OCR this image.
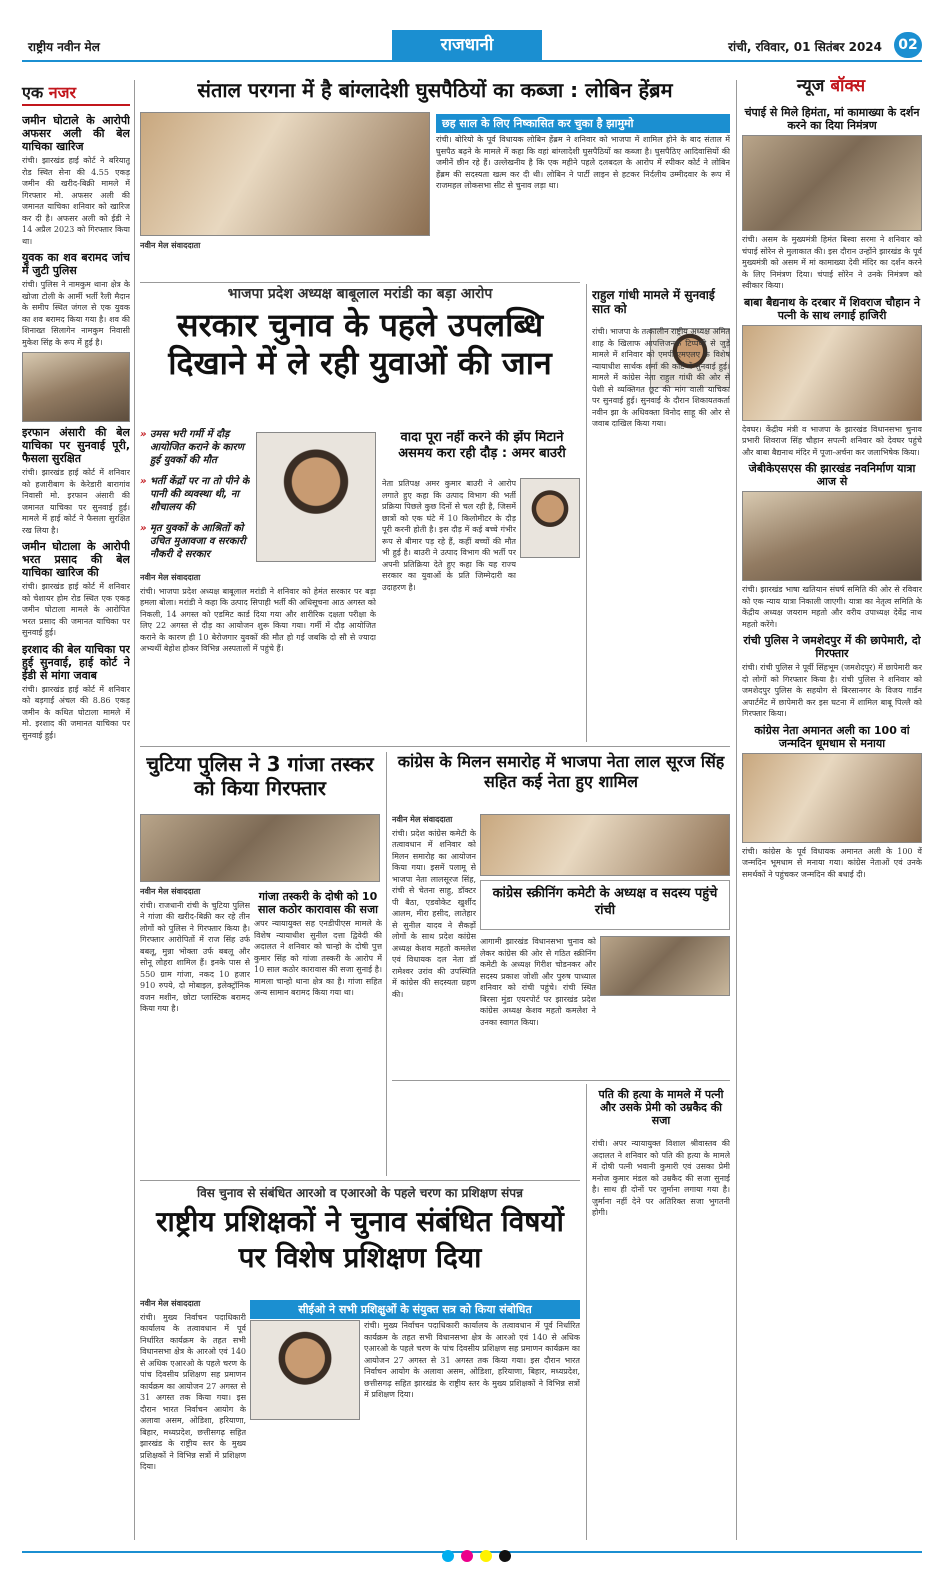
राष्ट्रीय नवीन मेल	राजधानी	रांची, रविवार, 01 सितंबर 2024	02
एक नजर
जमीन घोटाले के आरोपी अफसर अली की बेल याचिका खारिज

रांची। झारखंड हाई कोर्ट ने बरियातू रोड स्थित सेना की 4.55 एकड़ जमीन की खरीद-बिक्री मामले में गिरफ्तार मो. अफसर अली की जमानत याचिका शनिवार को खारिज कर दी है। अफसर अली को ईडी ने 14 अप्रैल 2023 को गिरफ्तार किया था।

युवक का शव बरामद जांच में जुटी पुलिस

रांची। पुलिस ने नामकुम थाना क्षेत्र के खोजा टोली के आर्मी भर्ती रैली मैदान के समीप स्थित जंगल से एक युवक का शव बरामद किया गया है। शव की शिनाख्त सिलागेन नामकुम निवासी मुकेश सिंह के रूप में हुई है।

इरफान अंसारी की बेल याचिका पर सुनवाई पूरी, फैसला सुरक्षित

रांची। झारखंड हाई कोर्ट में शनिवार को हजारीबाग के केरेडारी बारागांव निवासी मो. इरफान अंसारी की जमानत याचिका पर सुनवाई हुई। मामले में हाई कोर्ट ने फैसला सुरक्षित रख लिया है।

जमीन घोटाला के आरोपी भरत प्रसाद की बेल याचिका खारिज की

रांची। झारखंड हाई कोर्ट में शनिवार को चेशायर होम रोड स्थित एक एकड़ जमीन घोटाला मामले के आरोपित भरत प्रसाद की जमानत याचिका पर सुनवाई हुई।

इरशाद की बेल याचिका पर हुई सुनवाई, हाई कोर्ट ने ईडी से मांगा जवाब

रांची। झारखंड हाई कोर्ट में शनिवार को बड़गाईं अंचल की 8.86 एकड़ जमीन के कथित घोटाला मामले में मो. इरशाद की जमानत याचिका पर सुनवाई हुई।

संताल परगना में है बांग्लादेशी घुसपैठियों का कब्जा : लोबिन हेंब्रम
छह साल के लिए निष्कासित कर चुका है झामुमो

रांची। बोरियो के पूर्व विधायक लोबिन हेंब्रम ने शनिवार को भाजपा में शामिल होने के बाद संताल में घुसपैठ बढ़ने के मामले में कहा कि वहां बांग्लादेशी घुसपैठियों का कब्जा है। घुसपैठिए आदिवासियों की जमीनें छीन रहे हैं। उल्लेखनीय है कि एक महीने पहले दलबदल के आरोप में स्पीकर कोर्ट ने लोबिन हेंब्रम की सदस्यता खत्म कर दी थी। लोबिन ने पार्टी लाइन से हटकर निर्दलीय उम्मीदवार के रूप में राजमहल लोकसभा सीट से चुनाव लड़ा था।

नवीन मेल संवाददाता
भाजपा प्रदेश अध्यक्ष बाबूलाल मरांडी का बड़ा आरोप
सरकार चुनाव के पहले उपलब्धि दिखाने में ले रही युवाओं की जान
» उमस भरी गर्मी में दौड़ आयोजित कराने के कारण हुई युवकों की मौत
» भर्ती केंद्रों पर ना तो पीने के पानी की व्यवस्था थी, ना शौचालय की
» मृत युवकों के आश्रितों को उचित मुआवजा व सरकारी नौकरी दे सरकार
नवीन मेल संवाददाता

रांची। भाजपा प्रदेश अध्यक्ष बाबूलाल मरांडी ने शनिवार को हेमंत सरकार पर बड़ा हमला बोला। मरांडी ने कहा कि उत्पाद सिपाही भर्ती की अधिसूचना आठ अगस्त को निकली, 14 अगस्त को एडमिट कार्ड दिया गया और शारीरिक दक्षता परीक्षा के लिए 22 अगस्त से दौड़ का आयोजन शुरू किया गया। गर्मी में दौड़ आयोजित कराने के कारण ही 10 बेरोजगार युवकों की मौत हो गई जबकि दो सौ से ज्यादा अभ्यर्थी बेहोश होकर विभिन्न अस्पतालों में पहुंचे हैं।

वादा पूरा नहीं करने की झेंप मिटाने असमय करा रही दौड़ : अमर बाउरी

नेता प्रतिपक्ष अमर कुमार बाउरी ने आरोप लगाते हुए कहा कि उत्पाद विभाग की भर्ती प्रक्रिया पिछले कुछ दिनों से चल रही है, जिसमें छात्रों को एक घंटे में 10 किलोमीटर के दौड़ पूरी करनी होती है। इस दौड़ में कई बच्चे गंभीर रूप से बीमार पड़ रहे हैं, कहीं बच्चों की मौत भी हुई है। बाउरी ने उत्पाद विभाग की भर्ती पर अपनी प्रतिक्रिया देते हुए कहा कि यह राज्य सरकार का युवाओं के प्रति जिम्मेदारी का उदाहरण है।

राहुल गांधी मामले में सुनवाई सात को

रांची। भाजपा के तत्कालीन राष्ट्रीय अध्यक्ष अमित शाह के खिलाफ आपत्तिजनक टिप्पणी से जुड़े मामले में शनिवार को एमपी-एमएलए के विशेष न्यायाधीश सार्थक शर्मा की कोर्ट में सुनवाई हुई। मामले में कांग्रेस नेता राहुल गांधी की ओर से पेशी से व्यक्तिगत छूट की मांग वाली याचिका पर सुनवाई हुई। सुनवाई के दौरान शिकायतकर्ता नवीन झा के अधिवक्ता विनोद साहू की ओर से जवाब दाखिल किया गया।

चुटिया पुलिस ने 3 गांजा तस्कर को किया गिरफ्तार
नवीन मेल संवाददाता

रांची। राजधानी रांची के चुटिया पुलिस ने गांजा की खरीद-बिक्री कर रहे तीन लोगों को पुलिस ने गिरफ्तार किया है। गिरफ्तार आरोपितों में राज सिंह उर्फ बबलू, मुन्ना भोक्ता उर्फ बबलू और सोनू लोहरा शामिल हैं। इनके पास से 550 ग्राम गांजा, नकद 10 हजार 910 रुपये, दो मोबाइल, इलेक्ट्रॉनिक वजन मशीन, छोटा प्लास्टिक बरामद किया गया है।

गांजा तस्करी के दोषी को 10 साल कठोर कारावास की सजा

अपर न्यायायुक्त सह एनडीपीएस मामले के विशेष न्यायाधीश सुनील दत्ता द्विवेदी की अदालत ने शनिवार को चान्हो के दोषी पुत्त कुमार सिंह को गांजा तस्करी के आरोप में 10 साल कठोर कारावास की सजा सुनाई है। मामला चान्हो थाना क्षेत्र का है। गांजा सहित अन्य सामान बरामद किया गया था।

कांग्रेस के मिलन समारोह में भाजपा नेता लाल सूरज सिंह सहित कई नेता हुए शामिल
नवीन मेल संवाददाता

रांची। प्रदेश कांग्रेस कमेटी के तत्वावधान में शनिवार को मिलन समारोह का आयोजन किया गया। इसमें पलामू से भाजपा नेता लालसूरज सिंह, रांची से चेतना साहु, डॉक्टर पी बैठा, एडवोकेट खुर्शीद आलम, मीरा हसीद, लातेहार से सुनील यादव ने सैकड़ों लोगों के साथ प्रदेश कांग्रेस अध्यक्ष केशव महतो कमलेश एवं विधायक दल नेता डॉ रामेश्वर उरांव की उपस्थिति में कांग्रेस की सदस्यता ग्रहण की।

कांग्रेस स्क्रीनिंग कमेटी के अध्यक्ष व सदस्य पहुंचे रांची

आगामी झारखंड विधानसभा चुनाव को लेकर कांग्रेस की ओर से गठित स्क्रीनिंग कमेटी के अध्यक्ष गिरीश चोडनकर और सदस्य प्रकाश जोशी और पुरुष पाध्याल शनिवार को रांची पहुंचे। रांची स्थित बिरसा मुंडा एयरपोर्ट पर झारखंड प्रदेश कांग्रेस अध्यक्ष केशव महतो कमलेश ने उनका स्वागत किया।

पति की हत्या के मामले में पत्नी और उसके प्रेमी को उम्रकैद की सजा

रांची। अपर न्यायायुक्त विशाल श्रीवास्तव की अदालत ने शनिवार को पति की हत्या के मामले में दोषी पत्नी भवानी कुमारी एवं उसका प्रेमी मनोज कुमार मंडल को उम्रकैद की सजा सुनाई है। साथ ही दोनों पर जुर्माना लगाया गया है। जुर्माना नहीं देने पर अतिरिक्त सजा भुगतनी होगी।

विस चुनाव से संबंधित आरओ व एआरओ के पहले चरण का प्रशिक्षण संपन्न
राष्ट्रीय प्रशिक्षकों ने चुनाव संबंधित विषयों पर विशेष प्रशिक्षण दिया
नवीन मेल संवाददाता

रांची। मुख्य निर्वाचन पदाधिकारी कार्यालय के तत्वावधान में पूर्व निर्धारित कार्यक्रम के तहत सभी विधानसभा क्षेत्र के आरओ एवं 140 से अधिक एआरओ के पहले चरण के पांच दिवसीय प्रशिक्षण सह प्रमाणन कार्यक्रम का आयोजन 27 अगस्त से 31 अगस्त तक किया गया। इस दौरान भारत निर्वाचन आयोग के अलावा असम, ओडिशा, हरियाणा, बिहार, मध्यप्रदेश, छत्तीसगढ़ सहित झारखंड के राष्ट्रीय स्तर के मुख्य प्रशिक्षकों ने विभिन्न सत्रों में प्रशिक्षण दिया।

सीईओ ने सभी प्रशिक्षुओं के संयुक्त सत्र को किया संबोधित

रांची। मुख्य निर्वाचन पदाधिकारी कार्यालय के तत्वावधान में पूर्व निर्धारित कार्यक्रम के तहत सभी विधानसभा क्षेत्र के आरओ एवं 140 से अधिक एआरओ के पहले चरण के पांच दिवसीय प्रशिक्षण सह प्रमाणन कार्यक्रम का आयोजन 27 अगस्त से 31 अगस्त तक किया गया। इस दौरान भारत निर्वाचन आयोग के अलावा असम, ओडिशा, हरियाणा, बिहार, मध्यप्रदेश, छत्तीसगढ़ सहित झारखंड के राष्ट्रीय स्तर के मुख्य प्रशिक्षकों ने विभिन्न सत्रों में प्रशिक्षण दिया।

न्यूज बॉक्स
चंपाई से मिले हिमंता, मां कामाख्या के दर्शन करने का दिया निमंत्रण

रांची। असम के मुख्यमंत्री हिमंत बिस्वा सरमा ने शनिवार को चंपाई सोरेन से मुलाकात की। इस दौरान उन्होंने झारखंड के पूर्व मुख्यमंत्री को असम में मां कामाख्या देवी मंदिर का दर्शन करने के लिए निमंत्रण दिया। चंपाई सोरेन ने उनके निमंत्रण को स्वीकार किया।

बाबा बैद्यनाथ के दरबार में शिवराज चौहान ने पत्नी के साथ लगाई हाजिरी

देवघर। केंद्रीय मंत्री व भाजपा के झारखंड विधानसभा चुनाव प्रभारी शिवराज सिंह चौहान सपत्नी शनिवार को देवघर पहुंचे और बाबा बैद्यनाथ मंदिर में पूजा-अर्चना कर जलाभिषेक किया।

जेबीकेएसएस की झारखंड नवनिर्माण यात्रा आज से

रांची। झारखंड भाषा खतियान संघर्ष समिति की ओर से रविवार को एक न्याय यात्रा निकाली जाएगी। यात्रा का नेतृत्व समिति के केंद्रीय अध्यक्ष जयराम महतो और वरीय उपाध्यक्ष देवेंद्र नाथ महतो करेंगे।

रांची पुलिस ने जमशेदपुर में की छापेमारी, दो गिरफ्तार

रांची। रांची पुलिस ने पूर्वी सिंहभूम (जमशेदपुर) में छापेमारी कर दो लोगों को गिरफ्तार किया है। रांची पुलिस ने शनिवार को जमशेदपुर पुलिस के सहयोग से बिरसानगर के विजय गार्डन अपार्टमेंट में छापेमारी कर इस घटना में शामिल बाबू पिल्लै को गिरफ्तार किया।

कांग्रेस नेता अमानत अली का 100 वां जन्मदिन धूमधाम से मनाया

रांची। कांग्रेस के पूर्व विधायक अमानत अली के 100 वें जन्मदिन भूमधाम से मनाया गया। कांग्रेस नेताओं एवं उनके समर्थकों ने पहुंचकर जन्मदिन की बधाई दी।
